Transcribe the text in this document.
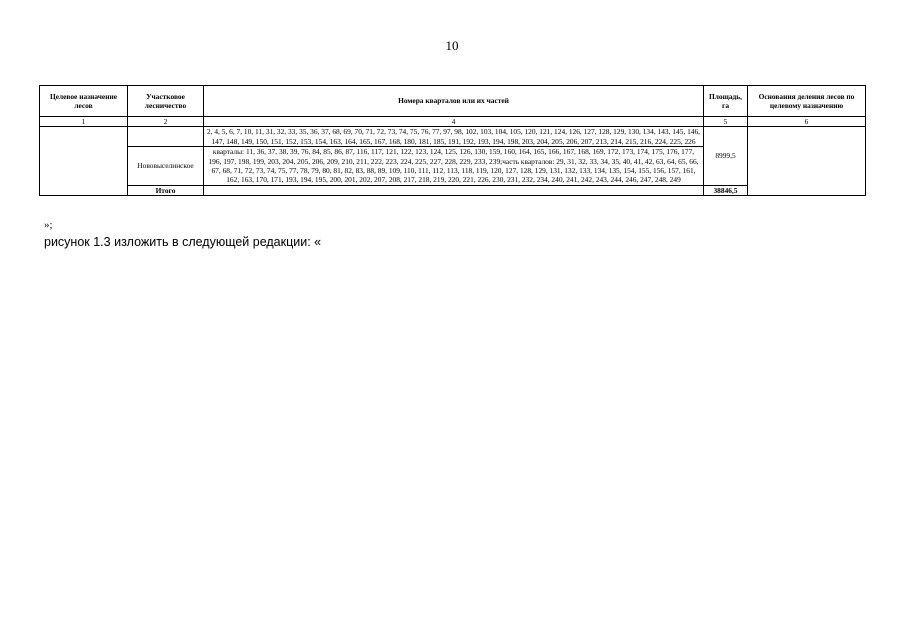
10
Целевое назначение лесов	Участковое лесничество	Номера кварталов или их частей	Площадь, га	Основания деления лесов по целевому назначению
1	2	4	5	6
		2, 4, 5, 6, 7, 10, 11, 31, 32, 33, 35, 36, 37, 68, 69, 70, 71, 72, 73, 74, 75, 76, 77, 97, 98, 102, 103, 104, 105, 120, 121, 124, 126, 127, 128, 129, 130, 134, 143, 145, 146, 147, 148, 149, 150, 151, 152, 153, 154, 163, 164, 165, 167, 168, 180, 181, 185, 191, 192, 193, 194, 198, 203, 204, 205, 206, 207, 213, 214, 215, 216, 224, 225, 226	8999,5	
	Нововыселинское	кварталы: 11, 36, 37, 38, 39, 76, 84, 85, 86, 87, 116, 117, 121, 122, 123, 124, 125, 126, 130, 159, 160, 164, 165, 166, 167, 168, 169, 172, 173, 174, 175, 176, 177, 196, 197, 198, 199, 203, 204, 205, 206, 209, 210, 211, 222, 223, 224, 225, 227, 228, 229, 233, 239;часть кварталов: 29, 31, 32, 33, 34, 35, 40, 41, 42, 63, 64, 65, 66, 67, 68, 71, 72, 73, 74, 75, 77, 78, 79, 80, 81, 82, 83, 88, 89, 109, 110, 111, 112, 113, 118, 119, 120, 127, 128, 129, 131, 132, 133, 134, 135, 154, 155, 156, 157, 161, 162, 163, 170, 171, 193, 194, 195, 200, 201, 202, 207, 208, 217, 218, 219, 220, 221, 226, 230, 231, 232, 234, 240, 241, 242, 243, 244, 246, 247, 248, 249		
	Итого		38846,5	
»;
рисунок 1.3 изложить в следующей редакции: «
